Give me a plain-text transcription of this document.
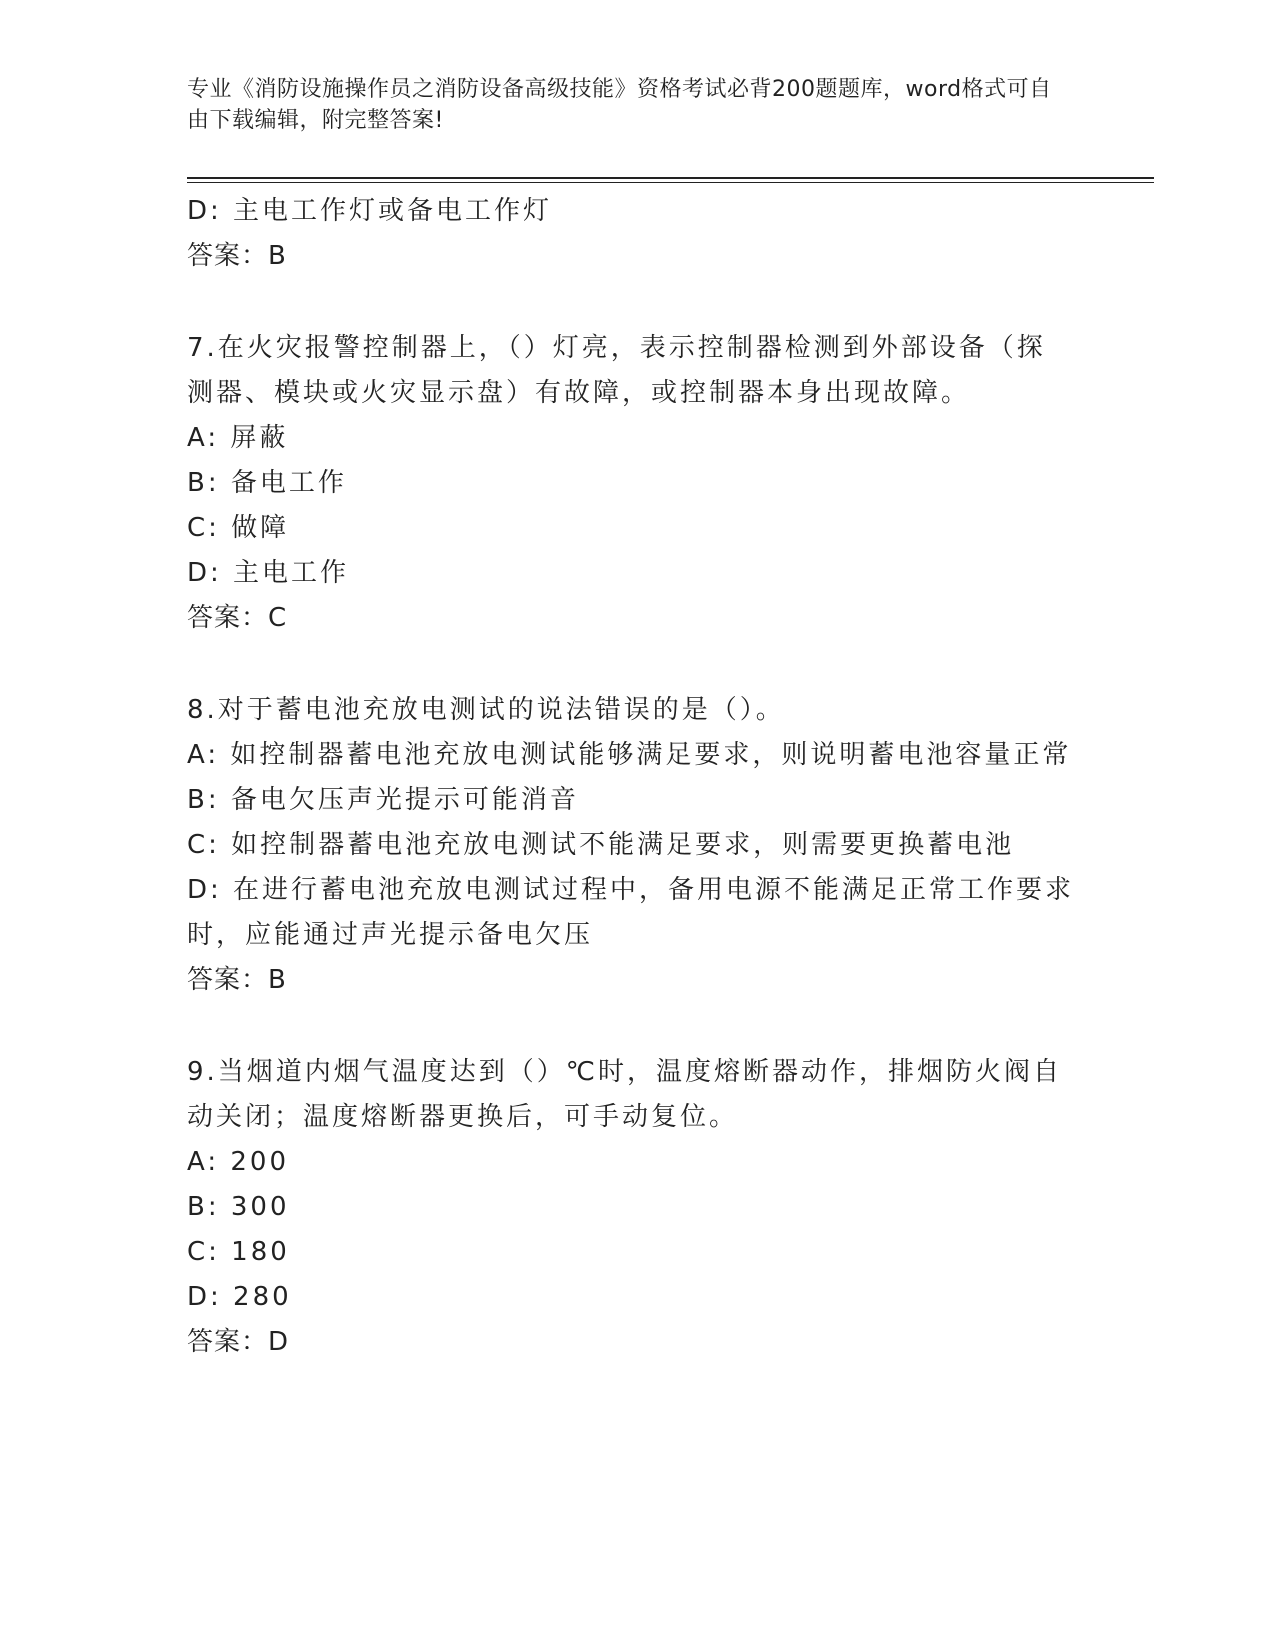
专业《消防设施操作员之消防设备高级技能》资格考试必背200题题库，word格式可自由下载编辑，附完整答案!
D: 主电工作灯或备电工作灯
答案：B
7.在火灾报警控制器上，（）灯亮，表示控制器检测到外部设备（探
测器、模块或火灾显示盘）有故障，或控制器本身出现故障。
A: 屏蔽
B: 备电工作
C: 做障
D: 主电工作
答案：C
8.对于蓄电池充放电测试的说法错误的是（）。
A: 如控制器蓄电池充放电测试能够满足要求，则说明蓄电池容量正常
B: 备电欠压声光提示可能消音
C: 如控制器蓄电池充放电测试不能满足要求，则需要更换蓄电池
D: 在进行蓄电池充放电测试过程中，备用电源不能满足正常工作要求
时，应能通过声光提示备电欠压
答案：B
9.当烟道内烟气温度达到（）℃时，温度熔断器动作，排烟防火阀自
动关闭；温度熔断器更换后，可手动复位。
A: 200
B: 300
C: 180
D: 280
答案：D
